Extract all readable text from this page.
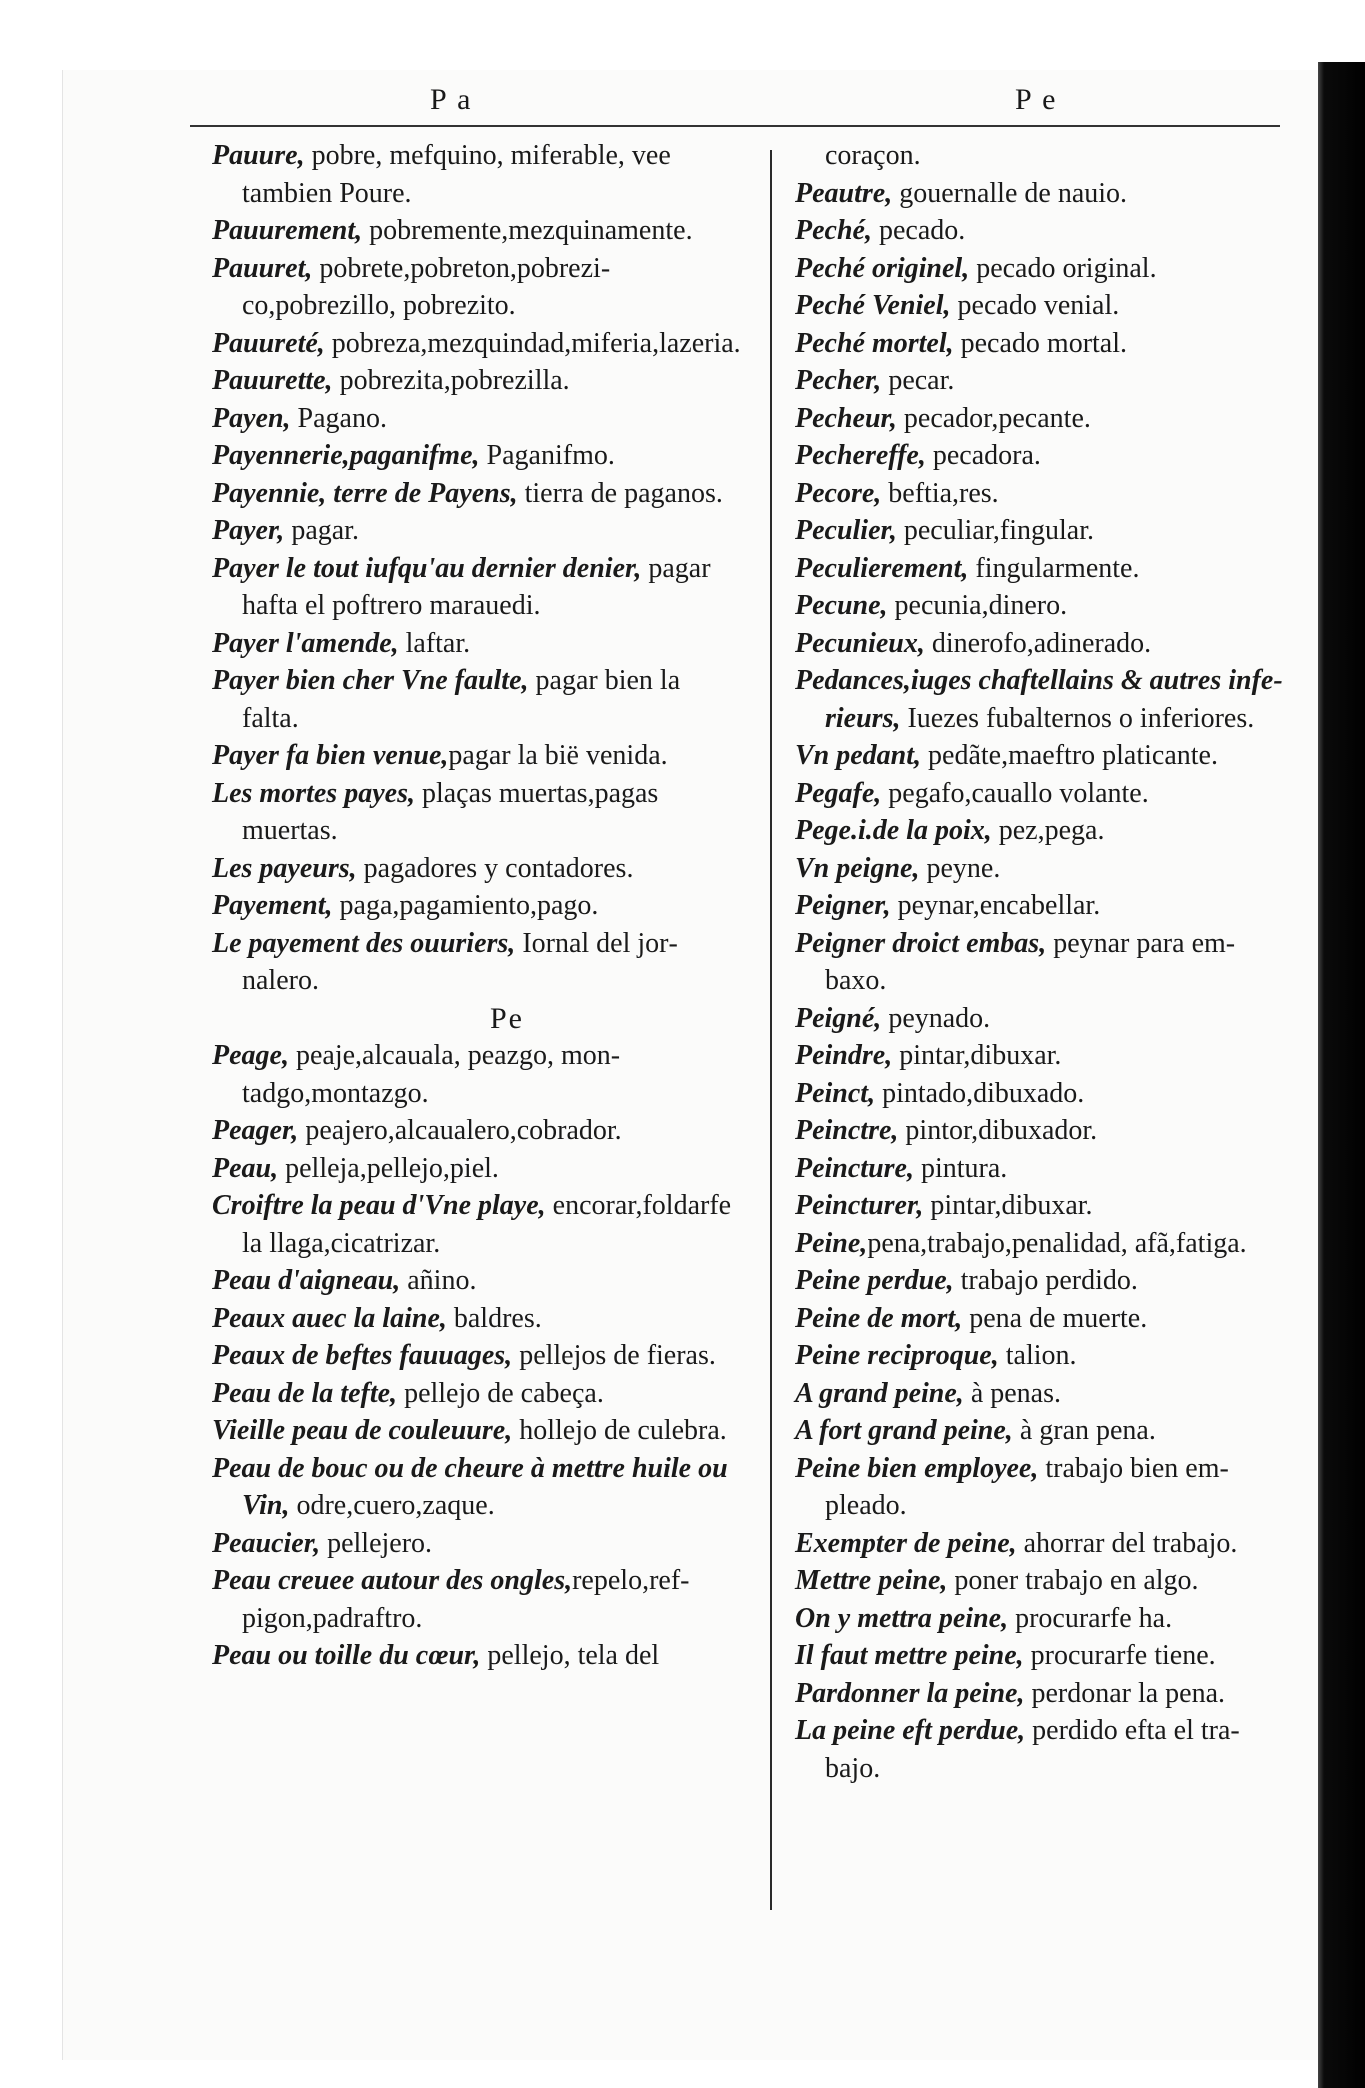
P a	P e
Pauure, pobre, mefquino, miferable, vee tambien Poure.
Pauurement, pobremente,mezquinamente.
Pauuret, pobrete,pobreton,pobrezico,pobrezillo, pobrezito.
Pauureté, pobreza,mezquindad,miferia,lazeria.
Pauurette, pobrezita,pobrezilla.
Payen, Pagano.
Payennerie,paganifme, Paganifmo.
Payennie, terre de Payens, tierra de paganos.
Payer, pagar.
Payer le tout iufqu'au dernier denier, pagar hafta el poftrero marauedi.
Payer l'amende, laftar.
Payer bien cher Vne faulte, pagar bien la falta.
Payer fa bien venue,pagar la bië venida.
Les mortes payes, plaças muertas,pagas muertas.
Les payeurs, pagadores y contadores.
Payement, paga,pagamiento,pago.
Le payement des ouuriers, Iornal del jornalero.
Pe
Peage, peaje,alcauala, peazgo, montadgo,montazgo.
Peager, peajero,alcaualero,cobrador.
Peau, pelleja,pellejo,piel.
Croiftre la peau d'Vne playe, encorar,foldarfe la llaga,cicatrizar.
Peau d'aigneau, añino.
Peaux auec la laine, baldres.
Peaux de beftes fauuages, pellejos de fieras.
Peau de la tefte, pellejo de cabeça.
Vieille peau de couleuure, hollejo de culebra.
Peau de bouc ou de cheure à mettre huile ou Vin, odre,cuero,zaque.
Peaucier, pellejero.
Peau creuee autour des ongles,repelo,refpigon,padraftro.
Peau ou toille du cœur, pellejo, tela del
coraçon.
Peautre, gouernalle de nauio.
Peché, pecado.
Peché originel, pecado original.
Peché Veniel, pecado venial.
Peché mortel, pecado mortal.
Pecher, pecar.
Pecheur, pecador,pecante.
Pechereffe, pecadora.
Pecore, beftia,res.
Peculier, peculiar,fingular.
Peculierement, fingularmente.
Pecune, pecunia,dinero.
Pecunieux, dinerofo,adinerado.
Pedances,iuges chaftellains & autres inferieurs, Iuezes fubalternos o inferiores.
Vn pedant, pedãte,maeftro platicante.
Pegafe, pegafo,cauallo volante.
Pege.i.de la poix, pez,pega.
Vn peigne, peyne.
Peigner, peynar,encabellar.
Peigner droict embas, peynar para embaxo.
Peigné, peynado.
Peindre, pintar,dibuxar.
Peinct, pintado,dibuxado.
Peinctre, pintor,dibuxador.
Peincture, pintura.
Peincturer, pintar,dibuxar.
Peine,pena,trabajo,penalidad, afã,fatiga.
Peine perdue, trabajo perdido.
Peine de mort, pena de muerte.
Peine reciproque, talion.
A grand peine, à penas.
A fort grand peine, à gran pena.
Peine bien employee, trabajo bien empleado.
Exempter de peine, ahorrar del trabajo.
Mettre peine, poner trabajo en algo.
On y mettra peine, procurarfe ha.
Il faut mettre peine, procurarfe tiene.
Pardonner la peine, perdonar la pena.
La peine eft perdue, perdido efta el trabajo.
